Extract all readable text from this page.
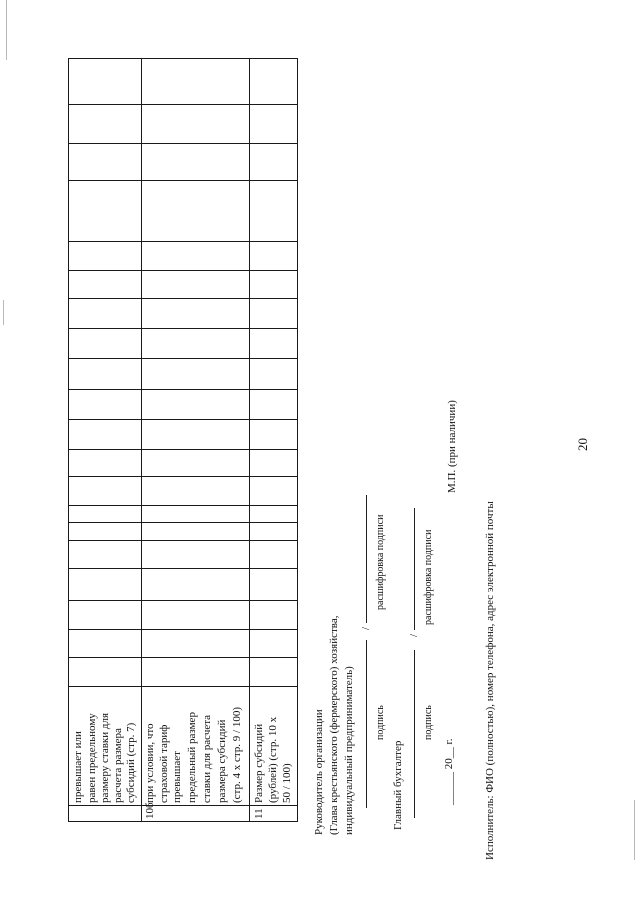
20
превышает или равен предельному размеру ставки для расчета размера субсидий (стр. 7)
10б
при условии, что страховой тариф превышает предельный размер ставки для расчета размера субсидий (стр. 4 х стр. 9 / 100)
11
Размер субсидий (рублей) (стр. 10 х 50 / 100) Руководитель организации (Глава крестьянского (фермерского) хозяйства, индивидуальный предприниматель)
/
подпись
расшифровка подписи
Главный бухгалтер
/
подпись
расшифровка подписи
______ 20__ г.
М.П. (при наличии)
Исполнитель: ФИО (полностью), номер телефона, адрес электронной почты
